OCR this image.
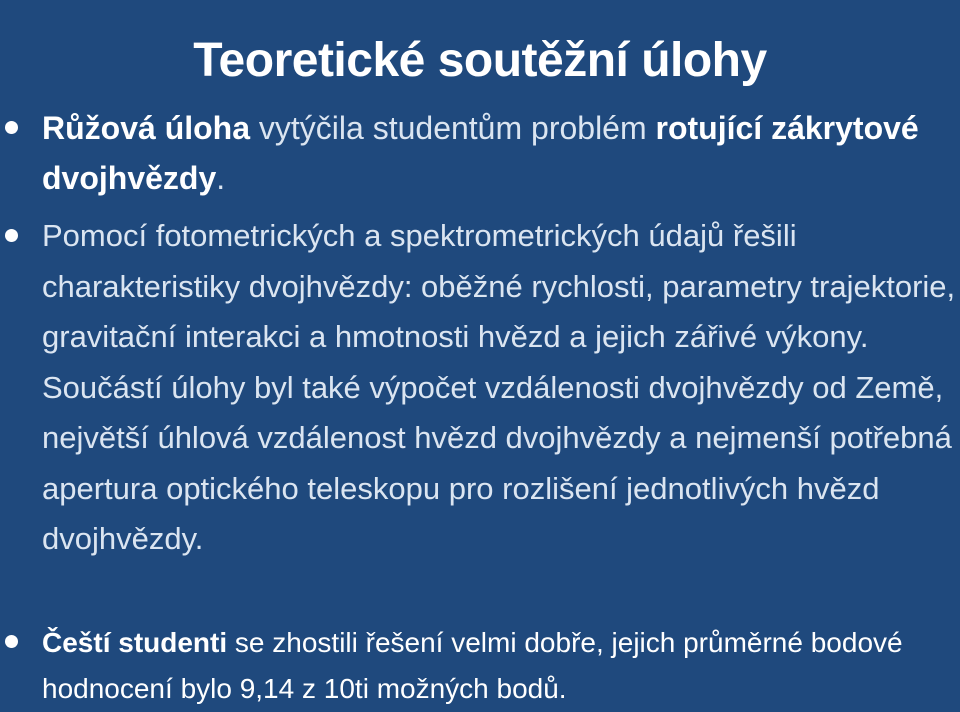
Teoretické soutěžní úlohy

Růžová úloha vytýčila studentům problém rotující zákrytové dvojhvězdy.

Pomocí fotometrických a spektrometrických údajů řešili charakteristiky dvojhvězdy: oběžné rychlosti, parametry trajektorie, gravitační interakci a hmotnosti hvězd a jejich zářivé výkony. Součástí úlohy byl také výpočet vzdálenosti dvojhvězdy od Země, největší úhlová vzdálenost hvězd dvojhvězdy a nejmenší potřebná apertura optického teleskopu pro rozlišení jednotlivých hvězd dvojhvězdy.

Čeští studenti se zhostili řešení velmi dobře, jejich průměrné bodové hodnocení bylo 9,14 z 10ti možných bodů.
